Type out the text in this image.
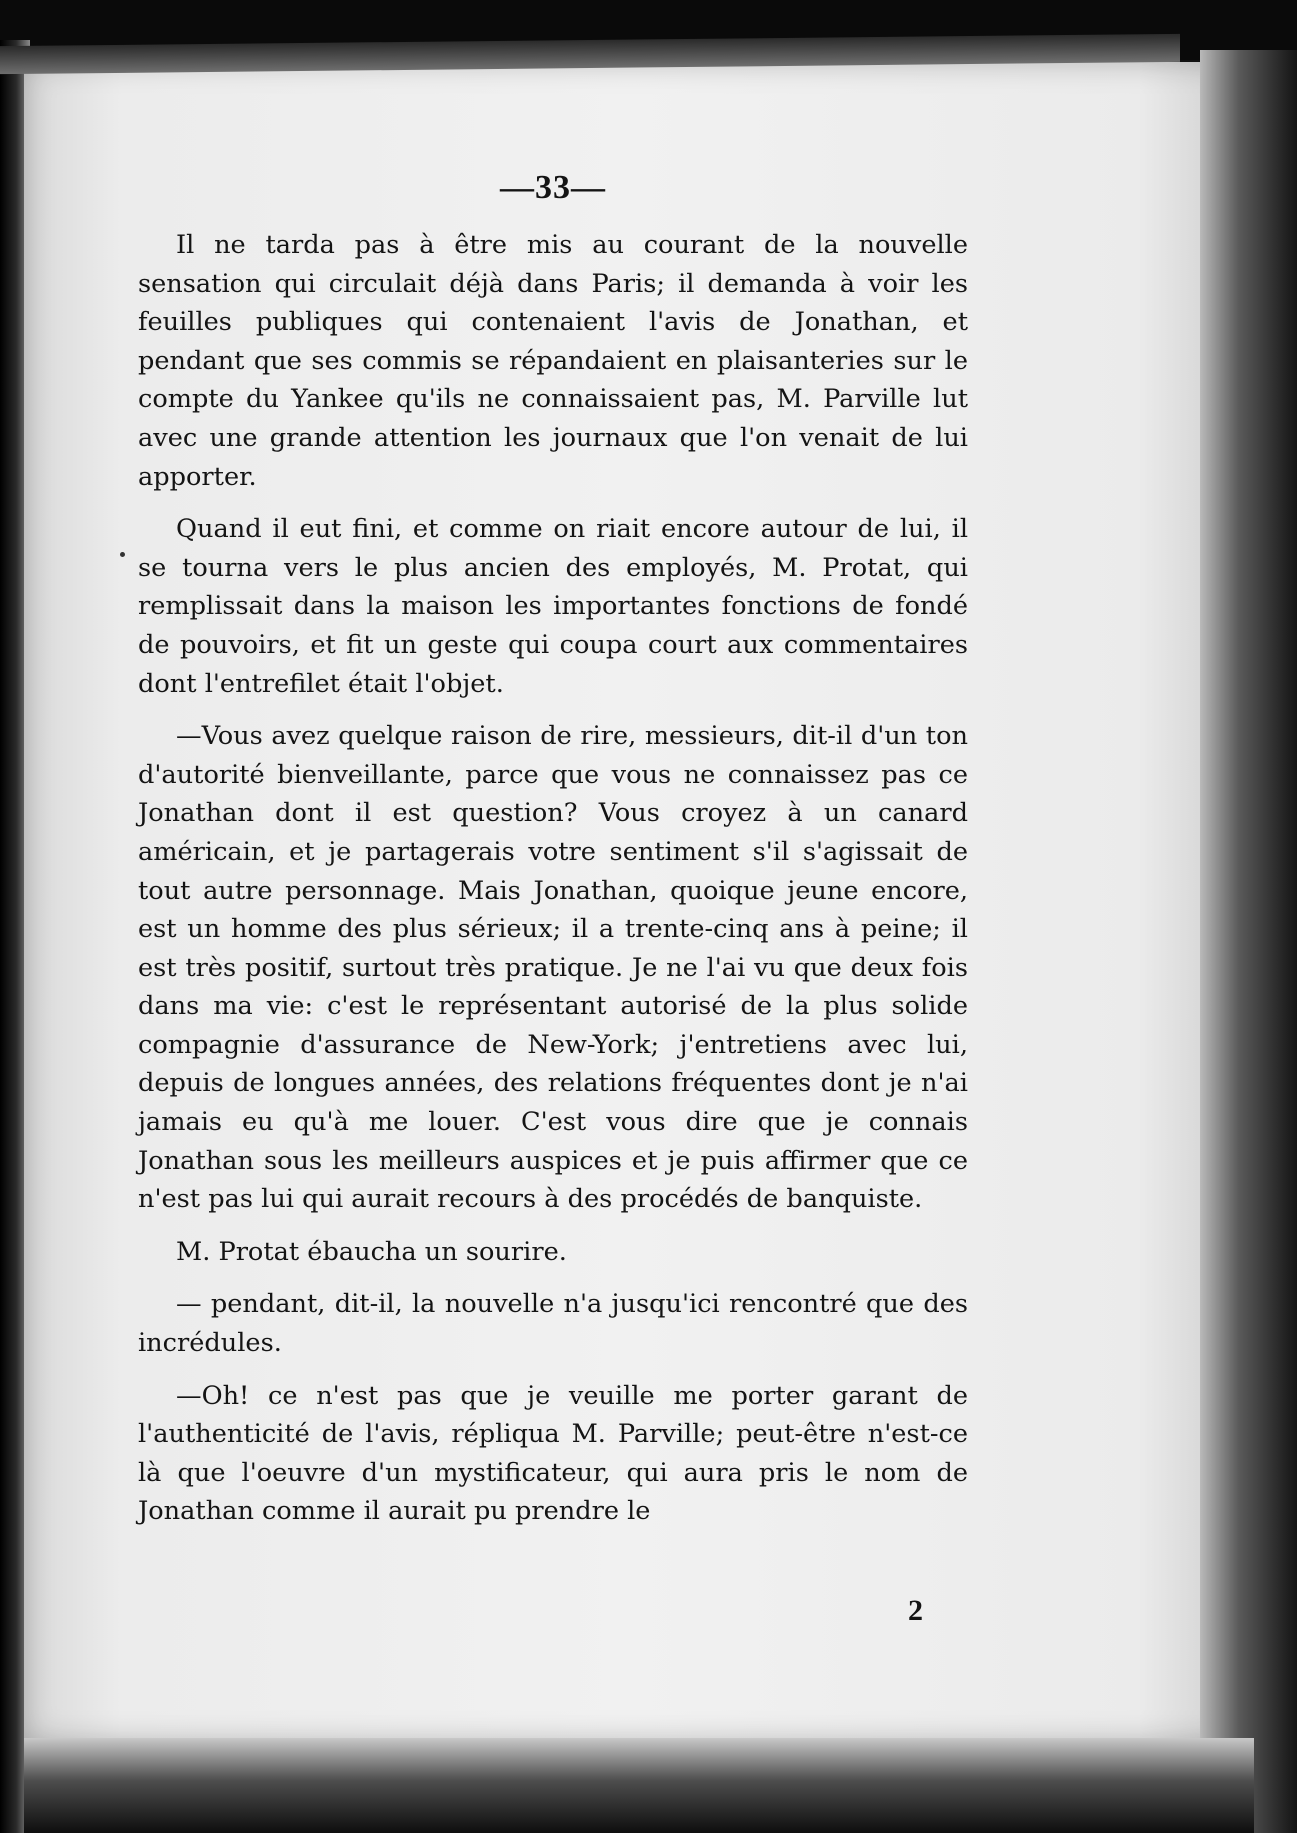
—33—

Il ne tarda pas à être mis au courant de la nouvelle sensation qui circulait déjà dans Paris; il demanda à voir les feuilles publiques qui contenaient l'avis de Jonathan, et pendant que ses commis se répandaient en plaisanteries sur le compte du Yankee qu'ils ne connaissaient pas, M. Parville lut avec une grande attention les journaux que l'on venait de lui apporter.

Quand il eut fini, et comme on riait encore autour de lui, il se tourna vers le plus ancien des employés, M. Protat, qui remplissait dans la maison les importantes fonctions de fondé de pouvoirs, et fit un geste qui coupa court aux commentaires dont l'entrefilet était l'objet.

—Vous avez quelque raison de rire, messieurs, dit-il d'un ton d'autorité bienveillante, parce que vous ne connaissez pas ce Jonathan dont il est question? Vous croyez à un canard américain, et je partagerais votre sentiment s'il s'agissait de tout autre personnage. Mais Jonathan, quoique jeune encore, est un homme des plus sérieux; il a trente-cinq ans à peine; il est très positif, surtout très pratique. Je ne l'ai vu que deux fois dans ma vie: c'est le représentant autorisé de la plus solide compagnie d'assurance de New-York; j'entretiens avec lui, depuis de longues années, des relations fréquentes dont je n'ai jamais eu qu'à me louer. C'est vous dire que je connais Jonathan sous les meilleurs auspices et je puis affirmer que ce n'est pas lui qui aurait recours à des procédés de banquiste.

M. Protat ébaucha un sourire.

— pendant, dit-il, la nouvelle n'a jusqu'ici rencontré que des incrédules.

—Oh! ce n'est pas que je veuille me porter garant de l'authenticité de l'avis, répliqua M. Parville; peut-être n'est-ce là que l'oeuvre d'un mystificateur, qui aura pris le nom de Jonathan comme il aurait pu prendre le

2
